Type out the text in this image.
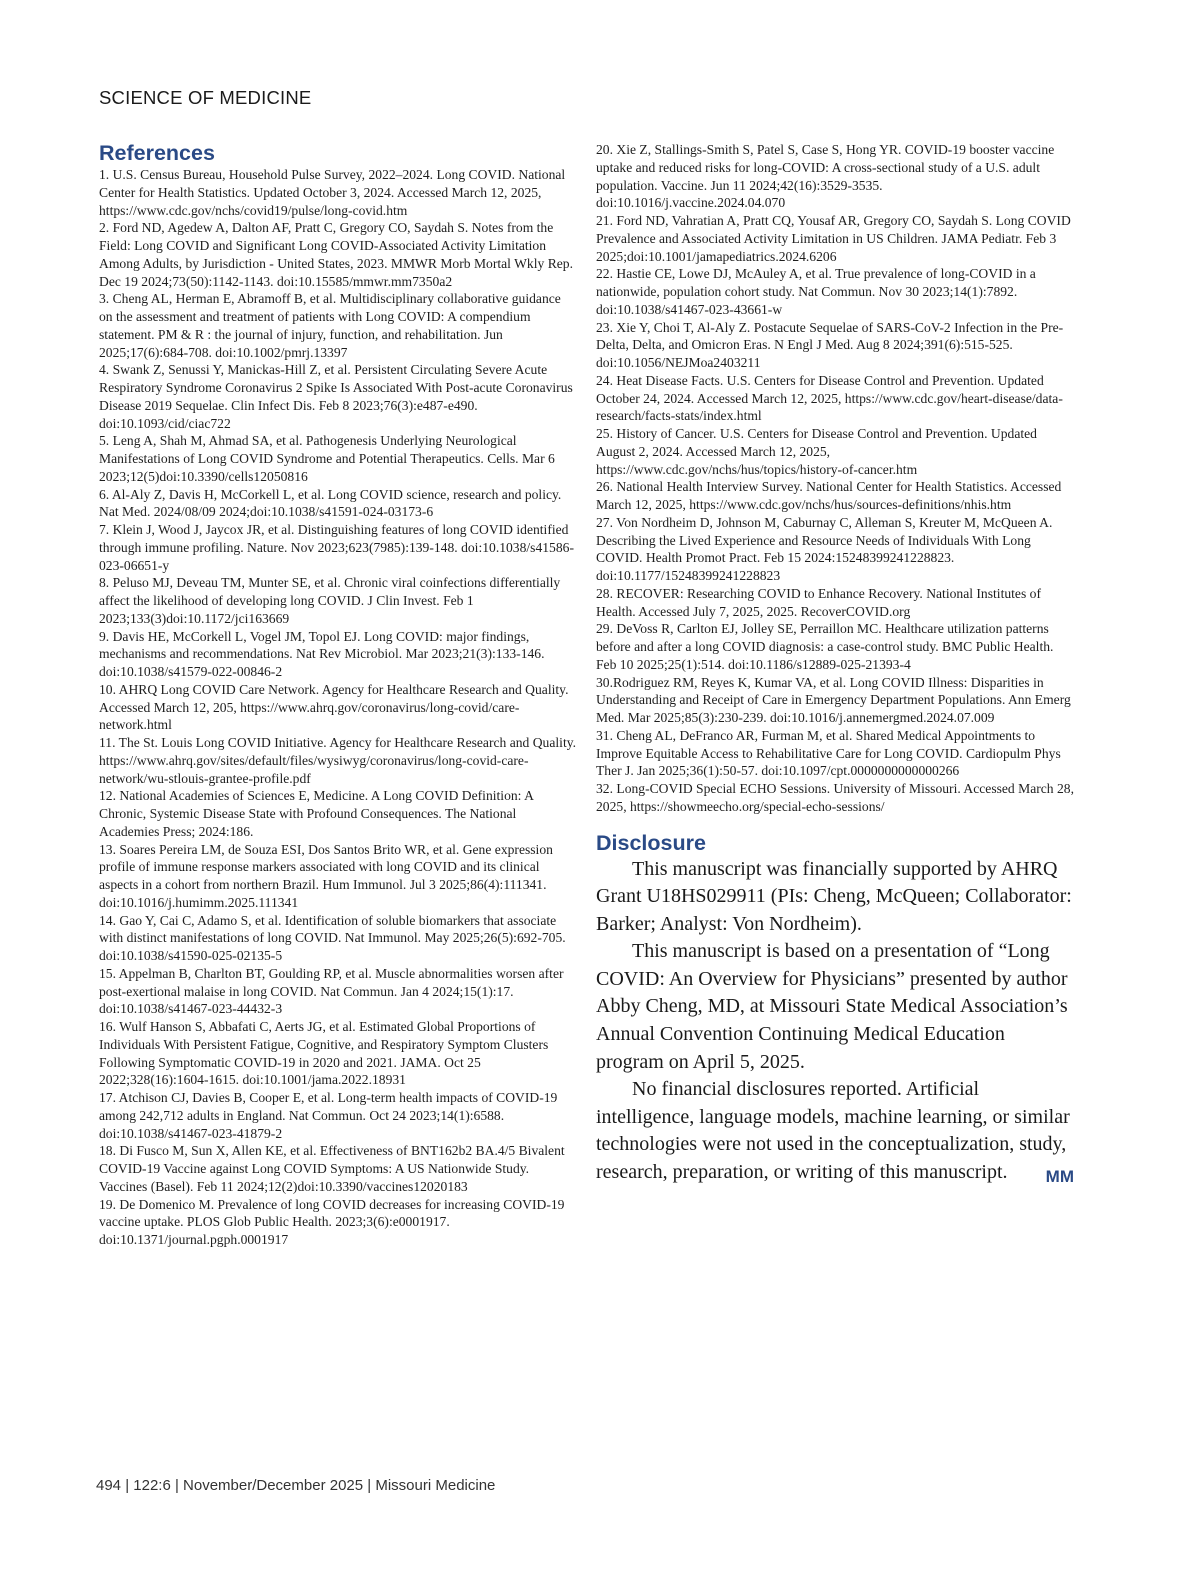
SCIENCE OF MEDICINE
References

1. U.S. Census Bureau, Household Pulse Survey, 2022–2024. Long COVID. National Center for Health Statistics. Updated October 3, 2024. Accessed March 12, 2025, https://www.cdc.gov/nchs/covid19/pulse/long-covid.htm

2. Ford ND, Agedew A, Dalton AF, Pratt C, Gregory CO, Saydah S. Notes from the Field: Long COVID and Significant Long COVID-Associated Activity Limitation Among Adults, by Jurisdiction - United States, 2023. MMWR Morb Mortal Wkly Rep. Dec 19 2024;73(50):1142-1143. doi:10.15585/mmwr.mm7350a2

3. Cheng AL, Herman E, Abramoff B, et al. Multidisciplinary collaborative guidance on the assessment and treatment of patients with Long COVID: A compendium statement. PM & R : the journal of injury, function, and rehabilitation. Jun 2025;17(6):684-708. doi:10.1002/pmrj.13397

4. Swank Z, Senussi Y, Manickas-Hill Z, et al. Persistent Circulating Severe Acute Respiratory Syndrome Coronavirus 2 Spike Is Associated With Post-acute Coronavirus Disease 2019 Sequelae. Clin Infect Dis. Feb 8 2023;76(3):e487-e490. doi:10.1093/cid/ciac722

5. Leng A, Shah M, Ahmad SA, et al. Pathogenesis Underlying Neurological Manifestations of Long COVID Syndrome and Potential Therapeutics. Cells. Mar 6 2023;12(5)doi:10.3390/cells12050816

6. Al-Aly Z, Davis H, McCorkell L, et al. Long COVID science, research and policy. Nat Med. 2024/08/09 2024;doi:10.1038/s41591-024-03173-6

7. Klein J, Wood J, Jaycox JR, et al. Distinguishing features of long COVID identified through immune profiling. Nature. Nov 2023;623(7985):139-148. doi:10.1038/s41586-023-06651-y

8. Peluso MJ, Deveau TM, Munter SE, et al. Chronic viral coinfections differentially affect the likelihood of developing long COVID. J Clin Invest. Feb 1 2023;133(3)doi:10.1172/jci163669

9. Davis HE, McCorkell L, Vogel JM, Topol EJ. Long COVID: major findings, mechanisms and recommendations. Nat Rev Microbiol. Mar 2023;21(3):133-146. doi:10.1038/s41579-022-00846-2

10. AHRQ Long COVID Care Network. Agency for Healthcare Research and Quality. Accessed March 12, 205, https://www.ahrq.gov/coronavirus/long-covid/care-network.html

11. The St. Louis Long COVID Initiative. Agency for Healthcare Research and Quality. https://www.ahrq.gov/sites/default/files/wysiwyg/coronavirus/long-covid-care-network/wu-stlouis-grantee-profile.pdf

12. National Academies of Sciences E, Medicine. A Long COVID Definition: A Chronic, Systemic Disease State with Profound Consequences. The National Academies Press; 2024:186.

13. Soares Pereira LM, de Souza ESI, Dos Santos Brito WR, et al. Gene expression profile of immune response markers associated with long COVID and its clinical aspects in a cohort from northern Brazil. Hum Immunol. Jul 3 2025;86(4):111341. doi:10.1016/j.humimm.2025.111341

14. Gao Y, Cai C, Adamo S, et al. Identification of soluble biomarkers that associate with distinct manifestations of long COVID. Nat Immunol. May 2025;26(5):692-705. doi:10.1038/s41590-025-02135-5

15. Appelman B, Charlton BT, Goulding RP, et al. Muscle abnormalities worsen after post-exertional malaise in long COVID. Nat Commun. Jan 4 2024;15(1):17. doi:10.1038/s41467-023-44432-3

16. Wulf Hanson S, Abbafati C, Aerts JG, et al. Estimated Global Proportions of Individuals With Persistent Fatigue, Cognitive, and Respiratory Symptom Clusters Following Symptomatic COVID-19 in 2020 and 2021. JAMA. Oct 25 2022;328(16):1604-1615. doi:10.1001/jama.2022.18931

17. Atchison CJ, Davies B, Cooper E, et al. Long-term health impacts of COVID-19 among 242,712 adults in England. Nat Commun. Oct 24 2023;14(1):6588. doi:10.1038/s41467-023-41879-2

18. Di Fusco M, Sun X, Allen KE, et al. Effectiveness of BNT162b2 BA.4/5 Bivalent COVID-19 Vaccine against Long COVID Symptoms: A US Nationwide Study. Vaccines (Basel). Feb 11 2024;12(2)doi:10.3390/vaccines12020183

19. De Domenico M. Prevalence of long COVID decreases for increasing COVID-19 vaccine uptake. PLOS Glob Public Health. 2023;3(6):e0001917. doi:10.1371/journal.pgph.0001917

20. Xie Z, Stallings-Smith S, Patel S, Case S, Hong YR. COVID-19 booster vaccine uptake and reduced risks for long-COVID: A cross-sectional study of a U.S. adult population. Vaccine. Jun 11 2024;42(16):3529-3535. doi:10.1016/j.vaccine.2024.04.070

21. Ford ND, Vahratian A, Pratt CQ, Yousaf AR, Gregory CO, Saydah S. Long COVID Prevalence and Associated Activity Limitation in US Children. JAMA Pediatr. Feb 3 2025;doi:10.1001/jamapediatrics.2024.6206

22. Hastie CE, Lowe DJ, McAuley A, et al. True prevalence of long-COVID in a nationwide, population cohort study. Nat Commun. Nov 30 2023;14(1):7892. doi:10.1038/s41467-023-43661-w

23. Xie Y, Choi T, Al-Aly Z. Postacute Sequelae of SARS-CoV-2 Infection in the Pre-Delta, Delta, and Omicron Eras. N Engl J Med. Aug 8 2024;391(6):515-525. doi:10.1056/NEJMoa2403211

24. Heat Disease Facts. U.S. Centers for Disease Control and Prevention. Updated October 24, 2024. Accessed March 12, 2025, https://www.cdc.gov/heart-disease/data-research/facts-stats/index.html

25. History of Cancer. U.S. Centers for Disease Control and Prevention. Updated August 2, 2024. Accessed March 12, 2025, https://www.cdc.gov/nchs/hus/topics/history-of-cancer.htm

26. National Health Interview Survey. National Center for Health Statistics. Accessed March 12, 2025, https://www.cdc.gov/nchs/hus/sources-definitions/nhis.htm

27. Von Nordheim D, Johnson M, Caburnay C, Alleman S, Kreuter M, McQueen A. Describing the Lived Experience and Resource Needs of Individuals With Long COVID. Health Promot Pract. Feb 15 2024:15248399241228823. doi:10.1177/15248399241228823

28. RECOVER: Researching COVID to Enhance Recovery. National Institutes of Health. Accessed July 7, 2025, 2025. RecoverCOVID.org

29. DeVoss R, Carlton EJ, Jolley SE, Perraillon MC. Healthcare utilization patterns before and after a long COVID diagnosis: a case-control study. BMC Public Health. Feb 10 2025;25(1):514. doi:10.1186/s12889-025-21393-4

30.Rodriguez RM, Reyes K, Kumar VA, et al. Long COVID Illness: Disparities in Understanding and Receipt of Care in Emergency Department Populations. Ann Emerg Med. Mar 2025;85(3):230-239. doi:10.1016/j.annemergmed.2024.07.009

31. Cheng AL, DeFranco AR, Furman M, et al. Shared Medical Appointments to Improve Equitable Access to Rehabilitative Care for Long COVID. Cardiopulm Phys Ther J. Jan 2025;36(1):50-57. doi:10.1097/cpt.0000000000000266

32. Long-COVID Special ECHO Sessions. University of Missouri. Accessed March 28, 2025, https://showmeecho.org/special-echo-sessions/

Disclosure

This manuscript was financially supported by AHRQ Grant U18HS029911 (PIs: Cheng, McQueen; Collaborator: Barker; Analyst: Von Nordheim).

This manuscript is based on a presentation of “Long COVID: An Overview for Physicians” presented by author Abby Cheng, MD, at Missouri State Medical Association’s Annual Convention Continuing Medical Education program on April 5, 2025.

No financial disclosures reported. Artificial intelligence, language models, machine learning, or similar technologies were not used in the conceptualization, study, research, preparation, or writing of this manuscript.	MM

494 | 122:6 | November/December 2025 | Missouri Medicine
